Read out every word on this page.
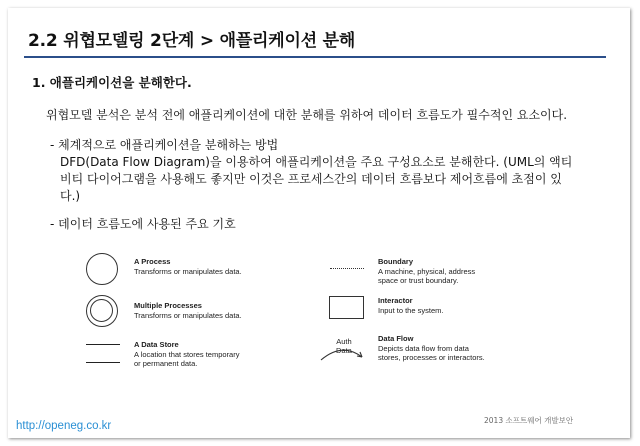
2.2 위협모델링 2단계 > 애플리케이션 분해
1. 애플리케이션을 분해한다.
위협모델 분석은 분석 전에 애플리케이션에 대한 분해를 위하여 데이터 흐름도가 필수적인 요소이다.
- 체계적으로 애플리케이션을 분해하는 방법
DFD(Data Flow Diagram)을 이용하여 애플리케이션을 주요 구성요소로 분해한다. (UML의 액티
비티 다이어그램을 사용해도 좋지만 이것은 프로세스간의 데이터 흐름보다 제어흐름에 초점이 있
다.)
- 데이터 흐름도에 사용된 주요 기호
A Process
Transforms or manipulates data.
Multiple Processes
Transforms or manipulates data.
A Data Store
A location that stores temporary
or permanent data.
Boundary
A machine, physical, address
space or trust boundary.
Interactor
Input to the system.
Auth
Data
Data Flow
Depicts data flow from data
stores, processes or interactors.
http://openeg.co.kr	2013 소프트웨어 개발보안
